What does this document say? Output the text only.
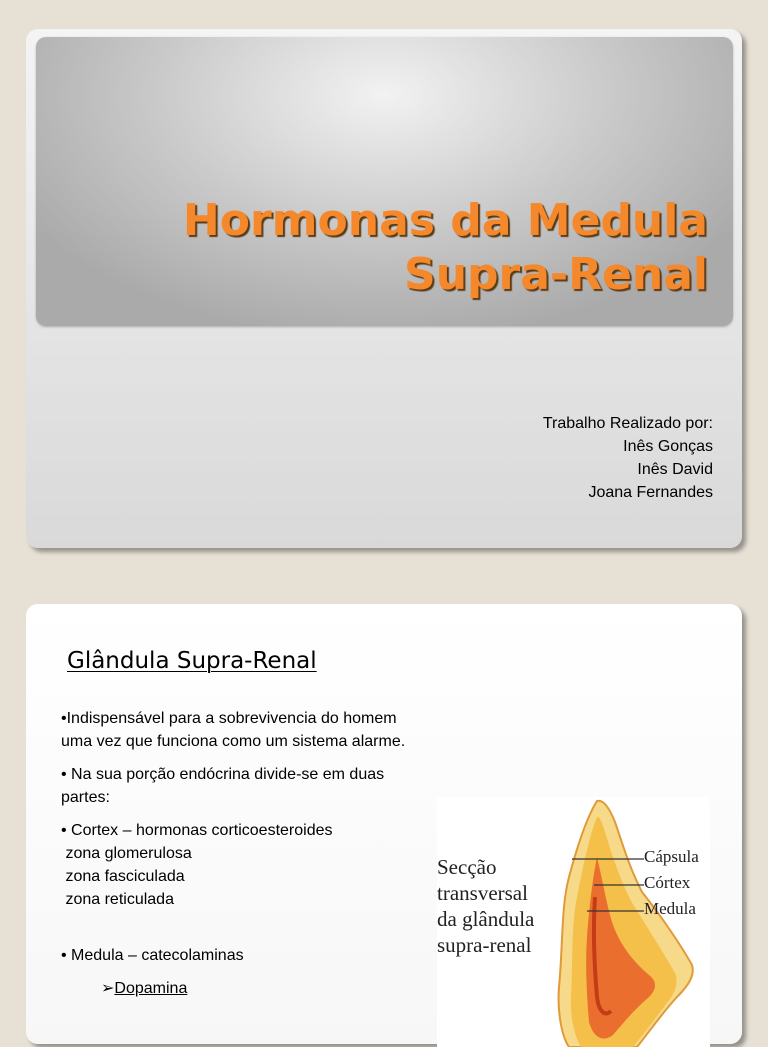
Hormonas da Medula
Supra-Renal
Trabalho Realizado por:
Inês Gonças
Inês David
Joana Fernandes
Glândula Supra-Renal

•Indispensável para a sobrevivencia do homem

uma vez que funciona como um sistema alarme.

• Na sua porção endócrina divide-se em duas

partes:

• Cortex – hormonas corticoesteroides

zona glomerulosa

zona fasciculada

zona reticulada

• Medula – catecolaminas

➢Dopamina

Secção
transversal
da glândula
supra-renal
Cápsula
Córtex
Medula
